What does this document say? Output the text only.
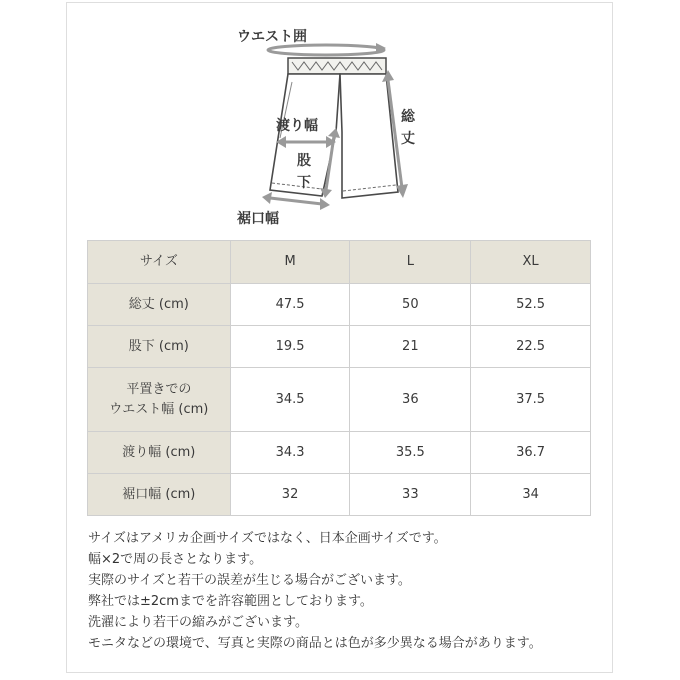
ウエスト囲
総丈
渡り幅
股下
裾口幅
サイズ	M	L	XL
総丈 (cm)	47.5	50	52.5
股下 (cm)	19.5	21	22.5

平置きでの
ウエスト幅 (cm)	34.5	36	37.5
渡り幅 (cm)	34.3	35.5	36.7
裾口幅 (cm)	32	33	34

サイズはアメリカ企画サイズではなく、日本企画サイズです。

幅×2で周の長さとなります。

実際のサイズと若干の誤差が生じる場合がございます。

弊社では±2cmまでを許容範囲としております。

洗濯により若干の縮みがございます。

モニタなどの環境で、写真と実際の商品とは色が多少異なる場合があります。
